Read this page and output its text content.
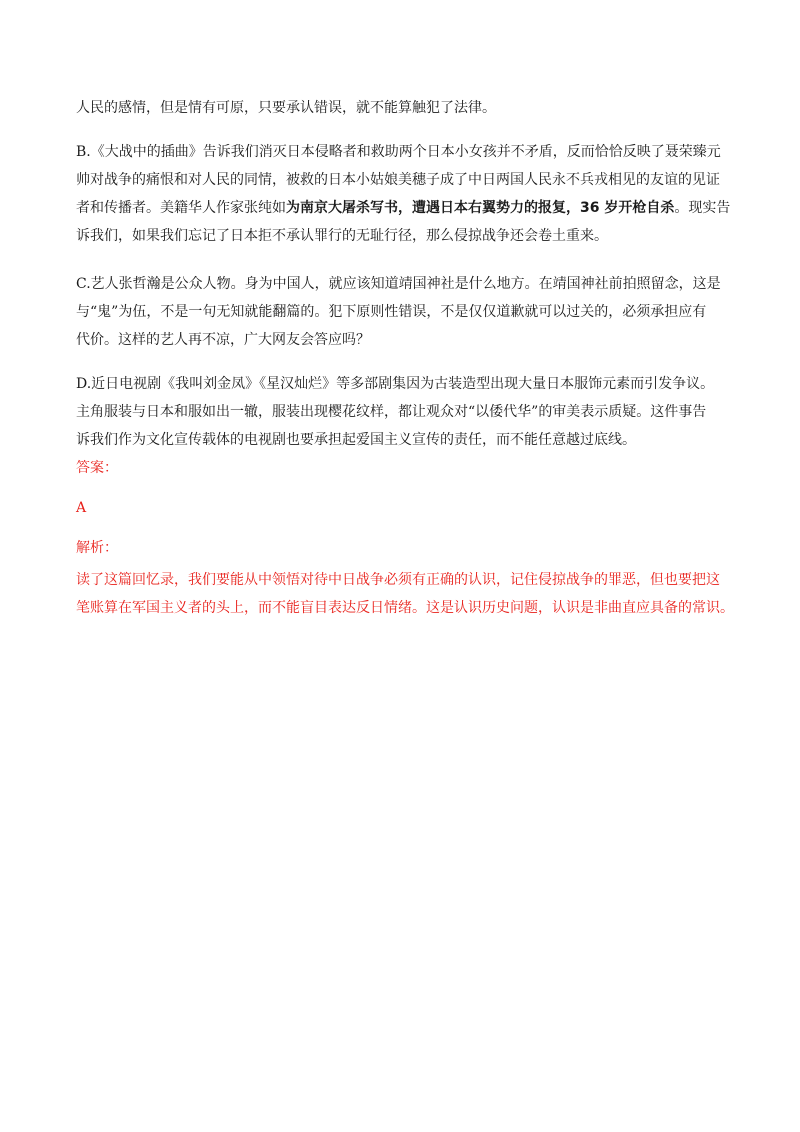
人民的感情，但是情有可原，只要承认错误，就不能算触犯了法律。
B.《大战中的插曲》告诉我们消灭日本侵略者和救助两个日本小女孩并不矛盾，反而恰恰反映了聂荣臻元
帅对战争的痛恨和对人民的同情，被救的日本小姑娘美穗子成了中日两国人民永不兵戎相见的友谊的见证
者和传播者。美籍华人作家张纯如为南京大屠杀写书，遭遇日本右翼势力的报复，36 岁开枪自杀。现实告
诉我们，如果我们忘记了日本拒不承认罪行的无耻行径，那么侵掠战争还会卷土重来。
C.艺人张哲瀚是公众人物。身为中国人，就应该知道靖国神社是什么地方。在靖国神社前拍照留念，这是
与“鬼”为伍，不是一句无知就能翻篇的。犯下原则性错误，不是仅仅道歉就可以过关的，必须承担应有
代价。这样的艺人再不凉，广大网友会答应吗？
D.近日电视剧《我叫刘金凤》《星汉灿烂》等多部剧集因为古装造型出现大量日本服饰元素而引发争议。
主角服装与日本和服如出一辙，服装出现樱花纹样，都让观众对“以倭代华”的审美表示质疑。这件事告
诉我们作为文化宣传载体的电视剧也要承担起爱国主义宣传的责任，而不能任意越过底线。
答案：
A
解析：
读了这篇回忆录，我们要能从中领悟对待中日战争必须有正确的认识，记住侵掠战争的罪恶，但也要把这
笔账算在军国主义者的头上，而不能盲目表达反日情绪。这是认识历史问题，认识是非曲直应具备的常识。
